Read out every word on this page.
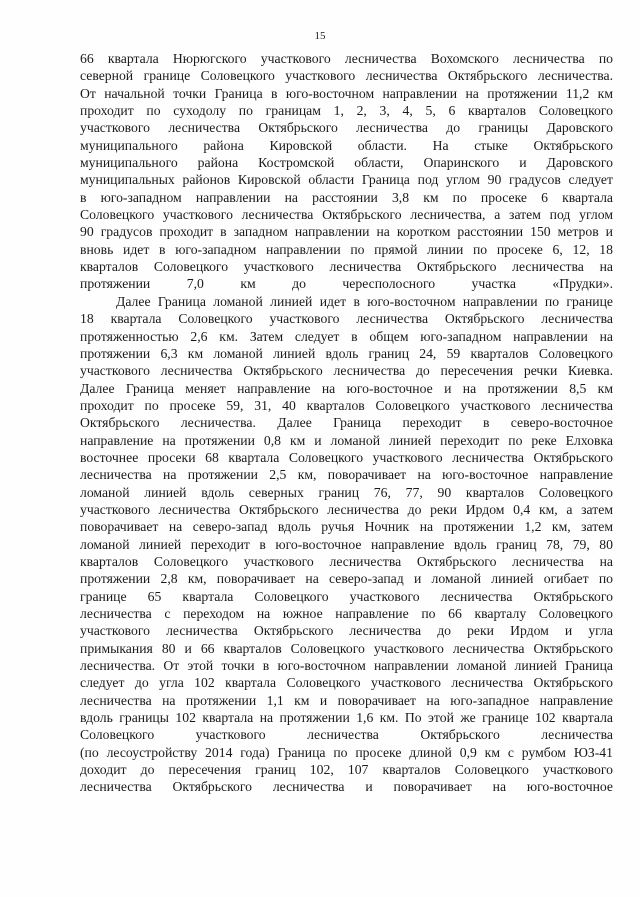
15

66 квартала Нюрюгского участкового лесничества Вохомского лесничества по
северной границе Соловецкого участкового лесничества Октябрьского лесничества.
От начальной точки Граница в юго-восточном направлении на протяжении 11,2 км
проходит по суходолу по границам 1, 2, 3, 4, 5, 6 кварталов Соловецкого
участкового лесничества Октябрьского лесничества до границы Даровского
муниципального района Кировской области. На стыке Октябрьского
муниципального района Костромской области, Опаринского и Даровского
муниципальных районов Кировской области Граница под углом 90 градусов следует
в юго-западном направлении на расстоянии 3,8 км по просеке 6 квартала
Соловецкого участкового лесничества Октябрьского лесничества, а затем под углом
90 градусов проходит в западном направлении на коротком расстоянии 150 метров и
вновь идет в юго-западном направлении по прямой линии по просеке 6, 12, 18
кварталов Соловецкого участкового лесничества Октябрьского лесничества на
протяжении 7,0 км до чересполосного участка «Прудки».

Далее Граница ломаной линией идет в юго-восточном направлении по границе
18 квартала Соловецкого участкового лесничества Октябрьского лесничества
протяженностью 2,6 км. Затем следует в общем юго-западном направлении на
протяжении 6,3 км ломаной линией вдоль границ 24, 59 кварталов Соловецкого
участкового лесничества Октябрьского лесничества до пересечения речки Киевка.
Далее Граница меняет направление на юго-восточное и на протяжении 8,5 км
проходит по просеке 59, 31, 40 кварталов Соловецкого участкового лесничества
Октябрьского лесничества. Далее Граница переходит в северо-восточное
направление на протяжении 0,8 км и ломаной линией переходит по реке Елховка
восточнее просеки 68 квартала Соловецкого участкового лесничества Октябрьского
лесничества на протяжении 2,5 км, поворачивает на юго-восточное направление
ломаной линией вдоль северных границ 76, 77, 90 кварталов Соловецкого
участкового лесничества Октябрьского лесничества до реки Ирдом 0,4 км, а затем
поворачивает на северо-запад вдоль ручья Ночник на протяжении 1,2 км, затем
ломаной линией переходит в юго-восточное направление вдоль границ 78, 79, 80
кварталов Соловецкого участкового лесничества Октябрьского лесничества на
протяжении 2,8 км, поворачивает на северо-запад и ломаной линией огибает по
границе 65 квартала Соловецкого участкового лесничества Октябрьского
лесничества с переходом на южное направление по 66 кварталу Соловецкого
участкового лесничества Октябрьского лесничества до реки Ирдом и угла
примыкания 80 и 66 кварталов Соловецкого участкового лесничества Октябрьского
лесничества. От этой точки в юго-восточном направлении ломаной линией Граница
следует до угла 102 квартала Соловецкого участкового лесничества Октябрьского
лесничества на протяжении 1,1 км и поворачивает на юго-западное направление
вдоль границы 102 квартала на протяжении 1,6 км. По этой же границе 102 квартала
Соловецкого участкового лесничества Октябрьского лесничества
(по лесоустройству 2014 года) Граница по просеке длиной 0,9 км с румбом ЮЗ-41
доходит до пересечения границ 102, 107 кварталов Соловецкого участкового
лесничества Октябрьского лесничества и поворачивает на юго-восточное
